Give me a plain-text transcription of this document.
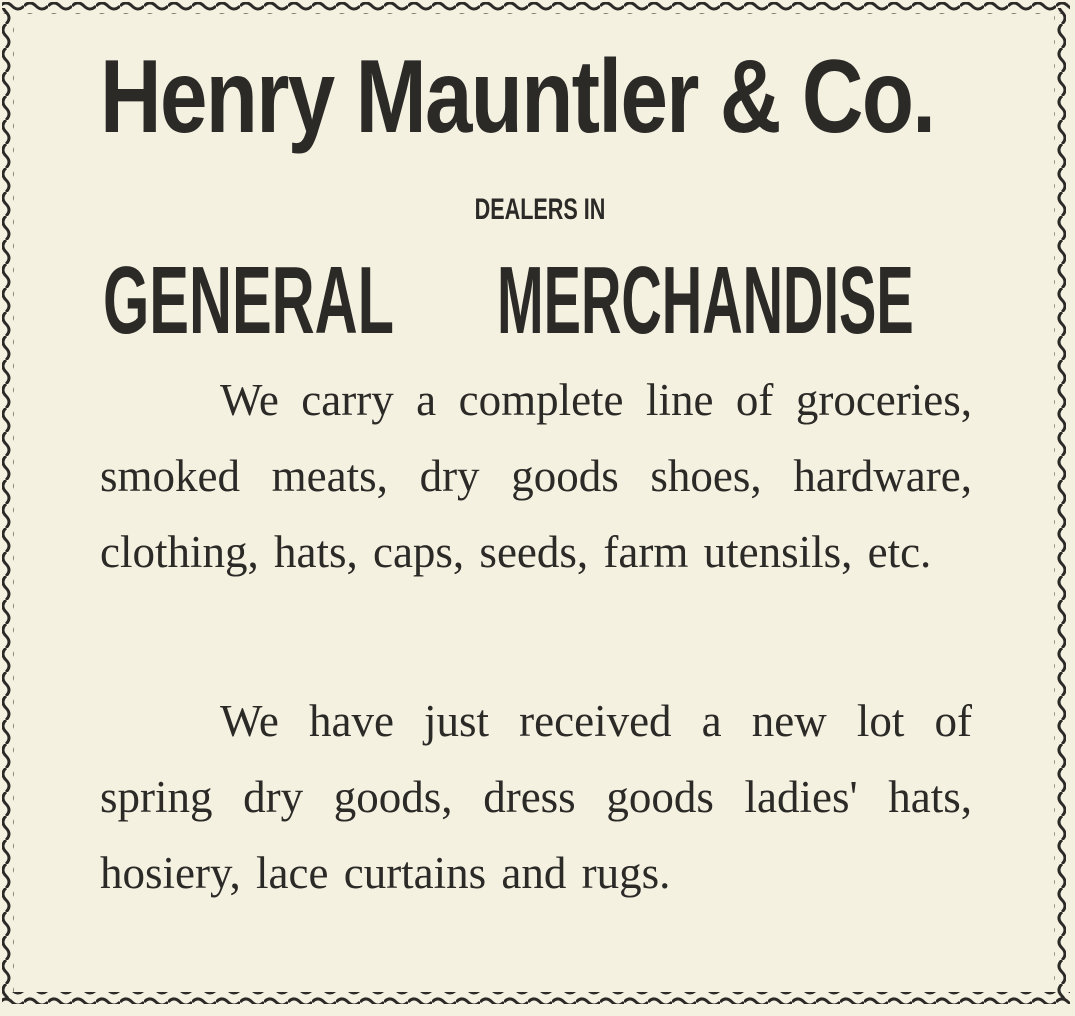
Henry Mauntler & Co.

DEALERS IN

GENERAL MERCHANDISE

We carry a complete line of groceries, smoked meats, dry goods shoes, hardware, clothing, hats, caps, seeds, farm utensils, etc.

We have just received a new lot of spring dry goods, dress goods ladies' hats, hosiery, lace curtains and rugs.
